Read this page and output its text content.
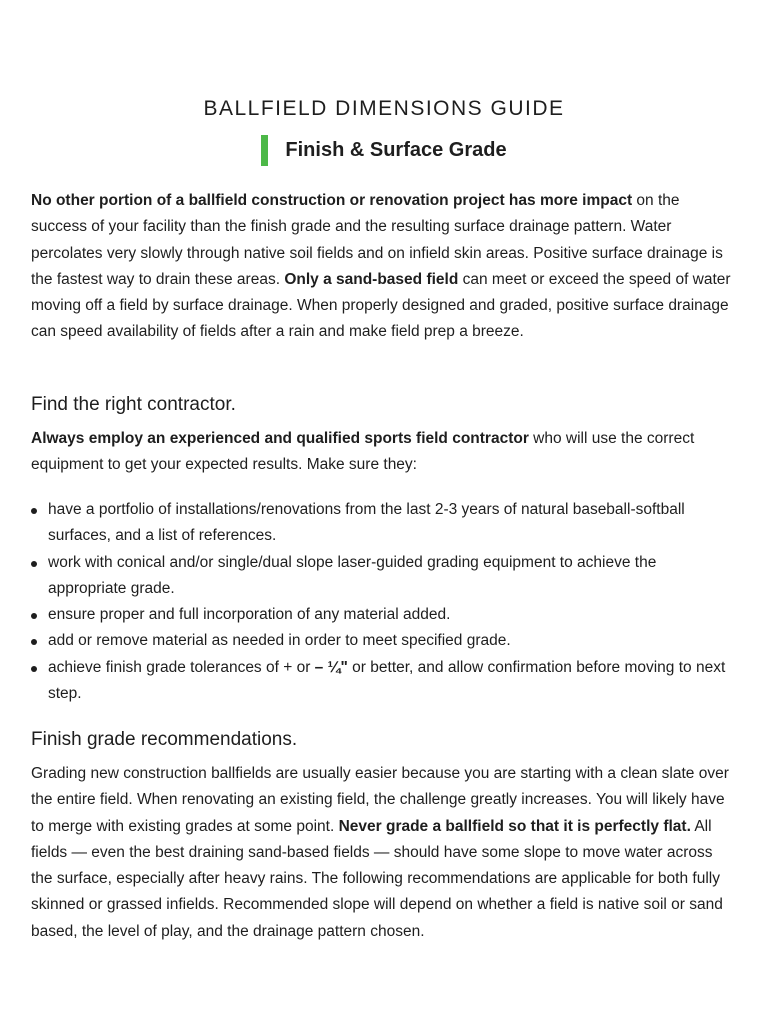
BALLFIELD DIMENSIONS GUIDE
Finish & Surface Grade

No other portion of a ballfield construction or renovation project has more impact on the success of your facility than the finish grade and the resulting surface drainage pattern. Water percolates very slowly through native soil fields and on infield skin areas. Positive surface drainage is the fastest way to drain these areas. Only a sand-based field can meet or exceed the speed of water moving off a field by surface drainage. When properly designed and graded, positive surface drainage can speed availability of fields after a rain and make field prep a breeze.

Find the right contractor.

Always employ an experienced and qualified sports field contractor who will use the correct equipment to get your expected results. Make sure they:

have a portfolio of installations/renovations from the last 2-3 years of natural baseball-softball surfaces, and a list of references.
work with conical and/or single/dual slope laser-guided grading equipment to achieve the appropriate grade.
ensure proper and full incorporation of any material added.
add or remove material as needed in order to meet specified grade.
achieve finish grade tolerances of + or – ¼" or better, and allow confirmation before moving to next step.
Finish grade recommendations.

Grading new construction ballfields are usually easier because you are starting with a clean slate over the entire field. When renovating an existing field, the challenge greatly increases. You will likely have to merge with existing grades at some point. Never grade a ballfield so that it is perfectly flat. All fields — even the best draining sand-based fields — should have some slope to move water across the surface, especially after heavy rains. The following recommendations are applicable for both fully skinned or grassed infields. Recommended slope will depend on whether a field is native soil or sand based, the level of play, and the drainage pattern chosen.
